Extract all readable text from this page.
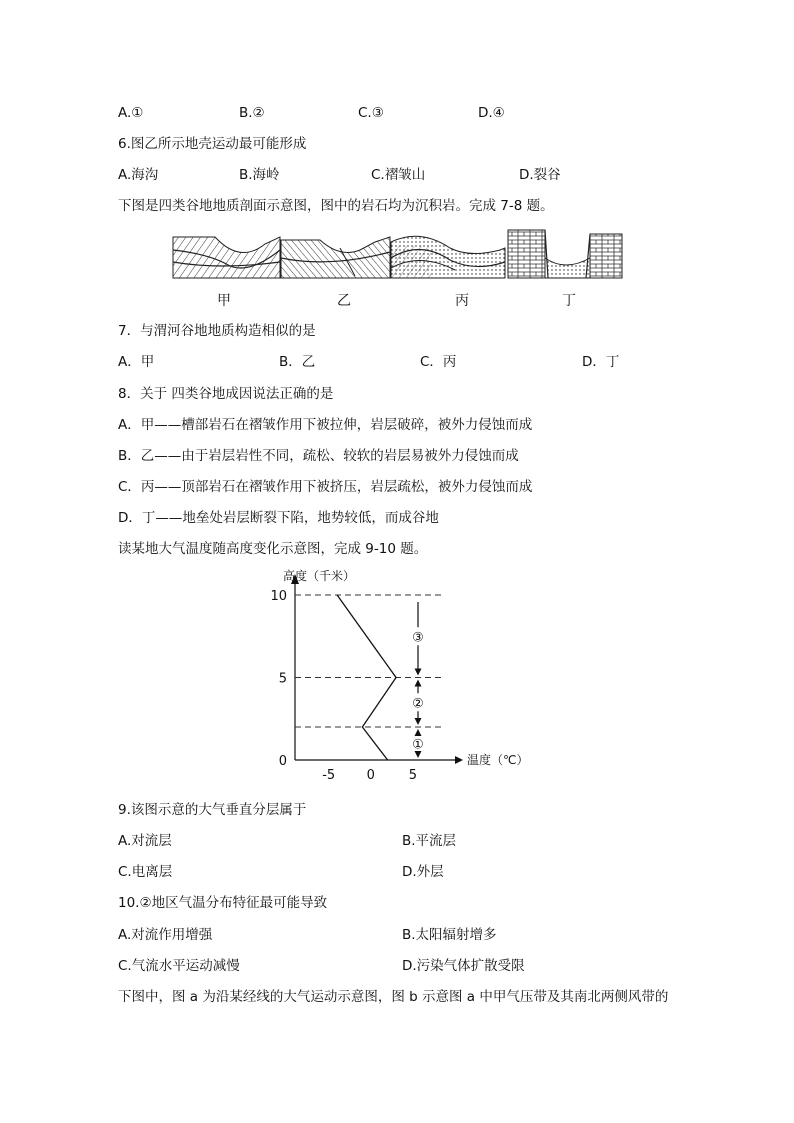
A.①	B.②	C.③	D.④
6.图乙所示地壳运动最可能形成
A.海沟	B.海岭	C.褶皱山	D.裂谷
下图是四类谷地地质剖面示意图，图中的岩石均为沉积岩。完成 7-8 题。
甲	乙	丙	丁
7．与渭河谷地地质构造相似的是
A．甲	B．乙	C．丙	D．丁
8．关于 四类谷地成因说法正确的是
A．甲——槽部岩石在褶皱作用下被拉伸，岩层破碎，被外力侵蚀而成
B．乙——由于岩层岩性不同，疏松、较软的岩层易被外力侵蚀而成
C．丙——顶部岩石在褶皱作用下被挤压，岩层疏松，被外力侵蚀而成
D．丁——地垒处岩层断裂下陷，地势较低，而成谷地
读某地大气温度随高度变化示意图，完成 9-10 题。
高度（千米）
温度（℃）
0
5
10
-5 0	5
①
②
③
9.该图示意的大气垂直分层属于
A.对流层	B.平流层
C.电离层	D.外层
10.②地区气温分布特征最可能导致
A.对流作用增强	B.太阳辐射增多
C.气流水平运动减慢	D.污染气体扩散受限
下图中，图 a 为沿某经线的大气运动示意图，图 b 示意图 a 中甲气压带及其南北两侧风带的
